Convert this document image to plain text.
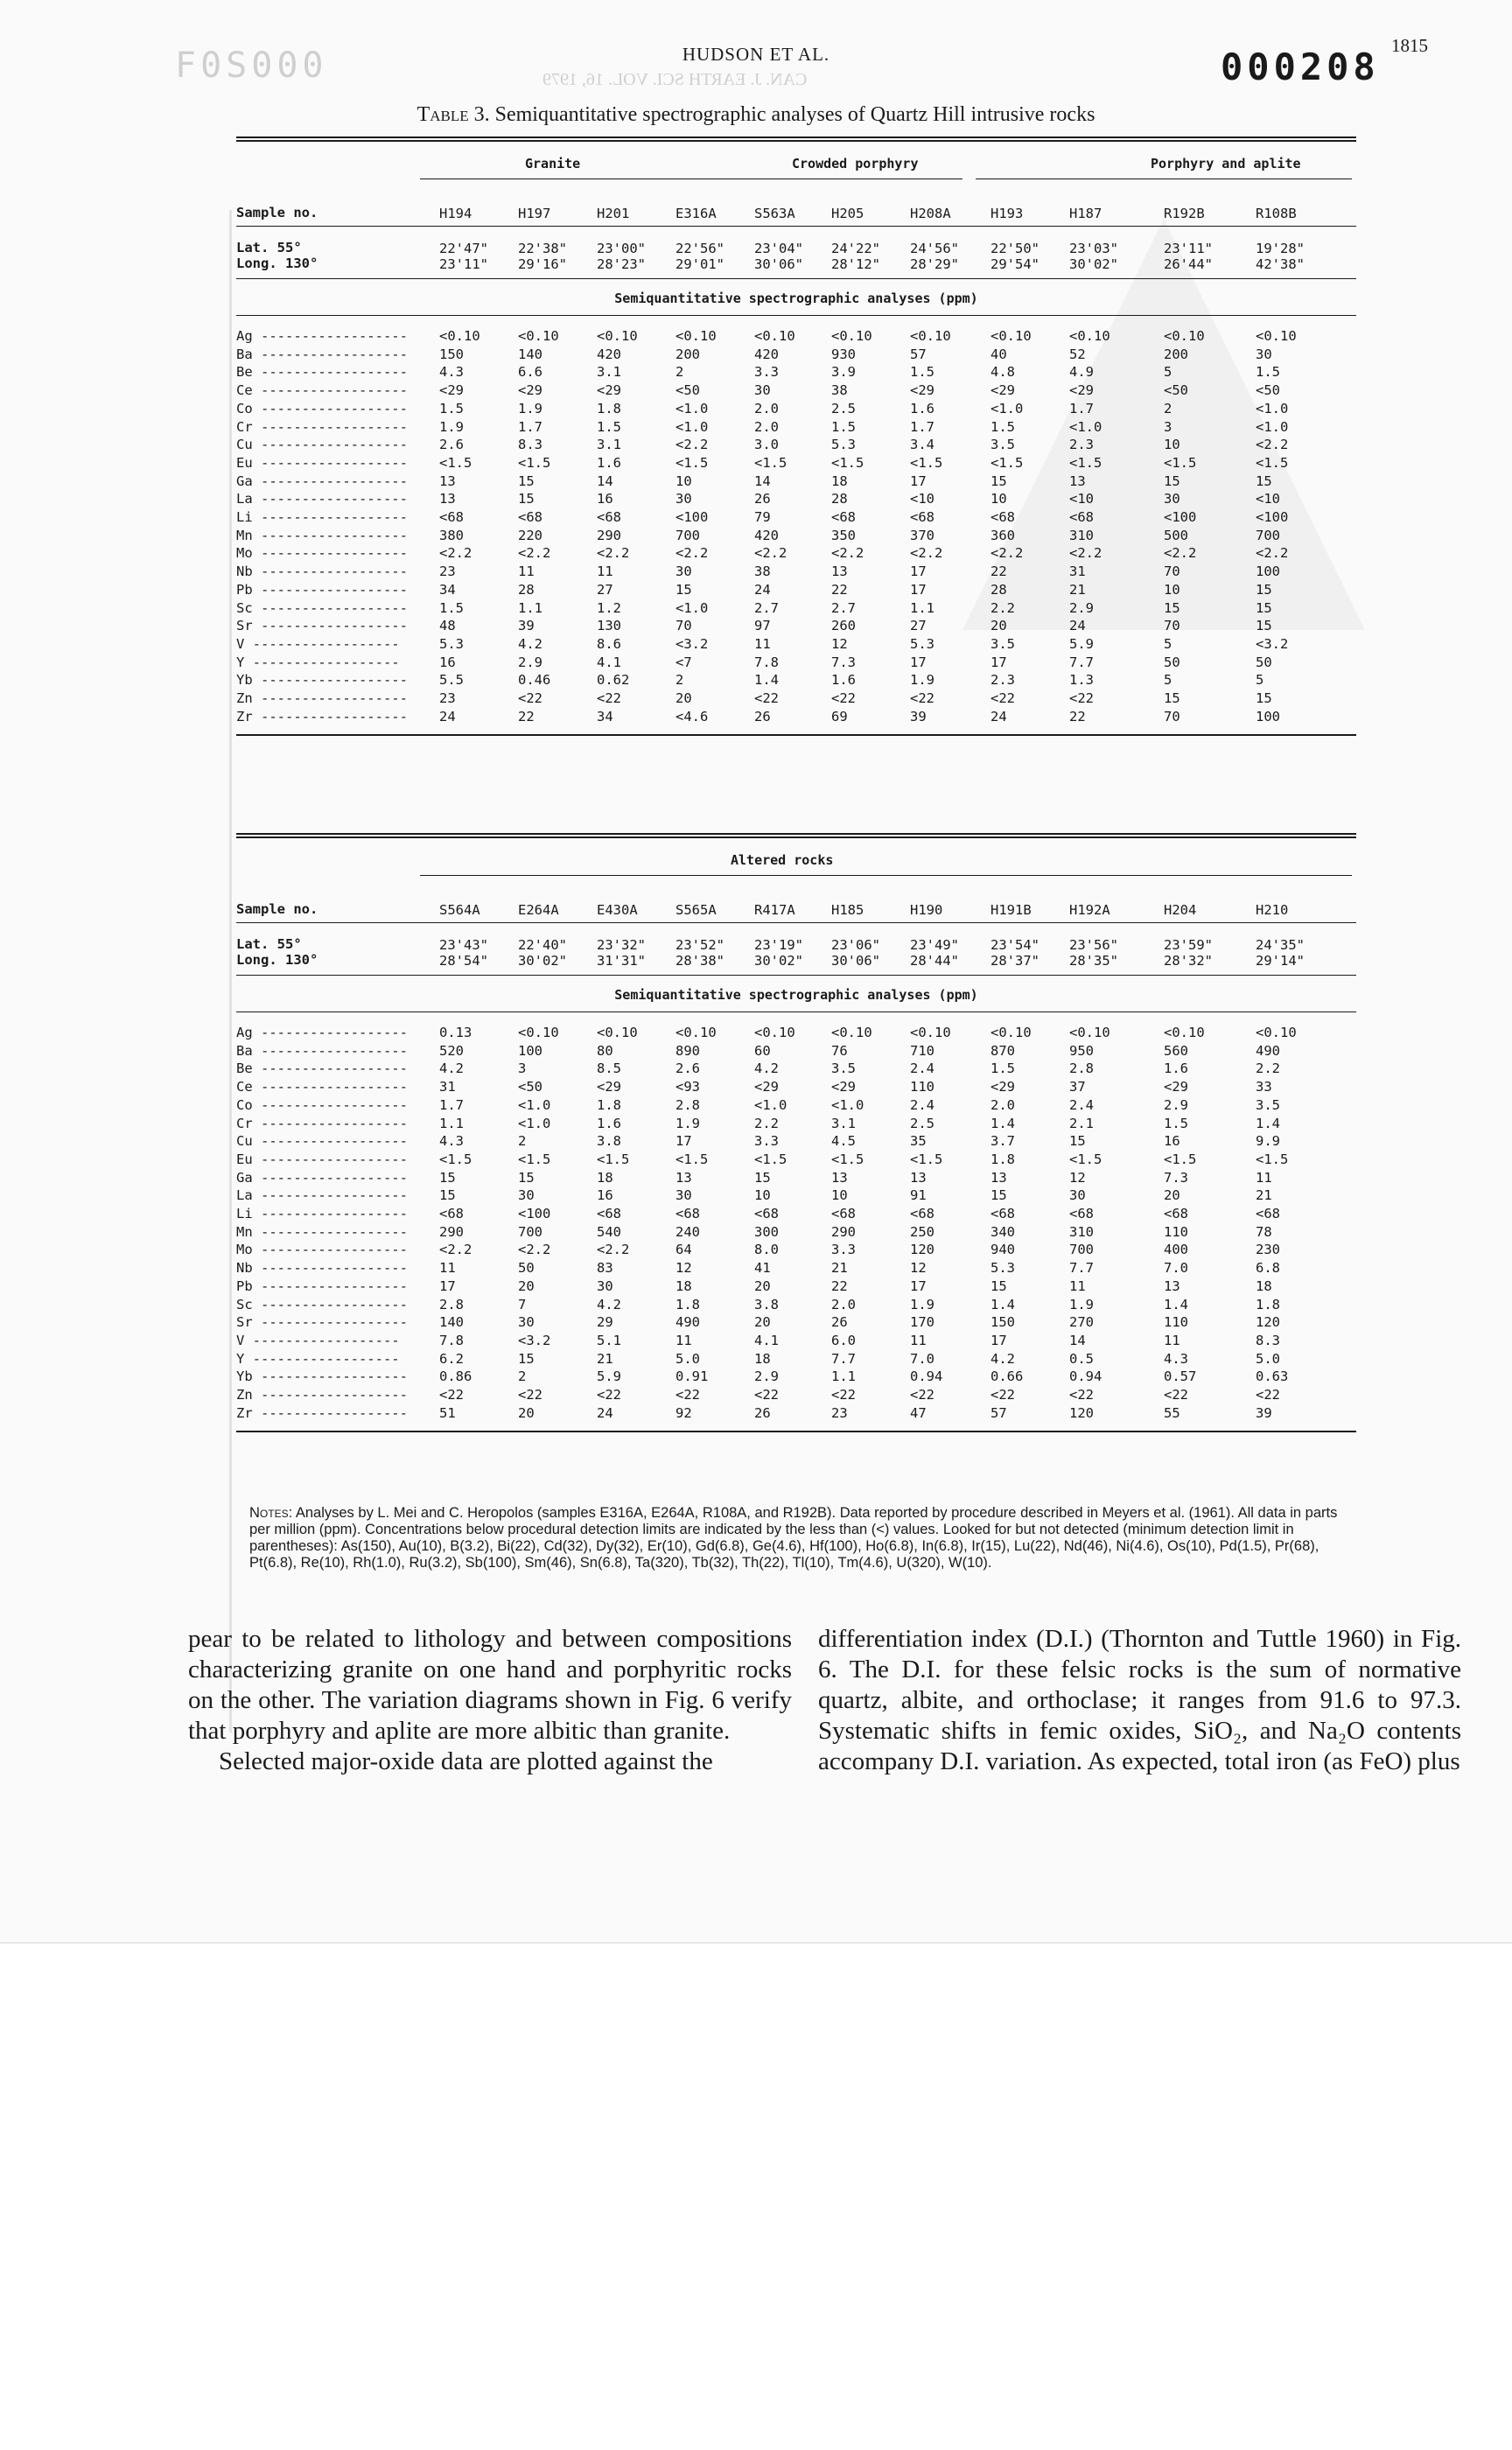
F0S000	CAN. J. EARTH SCI. VOL. 16, 1979
HUDSON ET AL.	000208 1815
Table 3. Semiquantitative spectrographic analyses of Quartz Hill intrusive rocks
Granite	Crowded porphyry	Porphyry and aplite
Sample no.	H194	H197	H201	E316A	S563A	H205	H208A	H193	H187	R192B	R108B
Lat. 55°	22'47" 22'38" 23'00" 22'56" 23'04" 24'22" 24'56" 22'50" 23'03"	23'11"	19'28"
Long. 130°	23'11" 29'16" 28'23" 29'01" 30'06" 28'12" 28'29" 29'54" 30'02"	26'44"	42'38"
Semiquantitative spectrographic analyses (ppm)
Ag ------------------ <0.10	<0.10	<0.10	<0.10	<0.10	<0.10	<0.10	<0.10	<0.10	<0.10	<0.10
Ba ------------------ 150	140	420	200	420	930	57	40	52	200	30
Be ------------------ 4.3	6.6	3.1	2	3.3	3.9	1.5	4.8	4.9	5	1.5
Ce ------------------ <29	<29	<29	<50	30	38	<29	<29	<29	<50	<50
Co ------------------ 1.5	1.9	1.8	<1.0	2.0	2.5	1.6	<1.0	1.7	2	<1.0
Cr ------------------ 1.9	1.7	1.5	<1.0	2.0	1.5	1.7	1.5	<1.0	3	<1.0
Cu ------------------ 2.6	8.3	3.1	<2.2	3.0	5.3	3.4	3.5	2.3	10	<2.2
Eu ------------------ <1.5	<1.5	1.6	<1.5	<1.5	<1.5	<1.5	<1.5	<1.5	<1.5	<1.5
Ga ------------------ 13	15	14	10	14	18	17	15	13	15	15
La ------------------ 13	15	16	30	26	28	<10	10	<10	30	<10
Li ------------------ <68	<68	<68	<100	79	<68	<68	<68	<68	<100	<100
Mn ------------------ 380	220	290	700	420	350	370	360	310	500	700
Mo ------------------ <2.2	<2.2	<2.2	<2.2	<2.2	<2.2	<2.2	<2.2	<2.2	<2.2	<2.2
Nb ------------------ 23	11	11	30	38	13	17	22	31	70	100
Pb ------------------ 34	28	27	15	24	22	17	28	21	10	15
Sc ------------------ 1.5	1.1	1.2	<1.0	2.7	2.7	1.1	2.2	2.9	15	15
Sr ------------------ 48	39	130	70	97	260	27	20	24	70	15
V ------------------	5.3	4.2	8.6	<3.2	11	12	5.3	3.5	5.9	5	<3.2
Y ------------------	16	2.9	4.1	<7	7.8	7.3	17	17	7.7	50	50
Yb ------------------ 5.5	0.46	0.62	2	1.4	1.6	1.9	2.3	1.3	5	5
Zn ------------------ 23	<22	<22	20	<22	<22	<22	<22	<22	15	15
Zr ------------------ 24	22	34	<4.6	26	69	39	24	22	70	100
Altered rocks
Sample no.	S564A	E264A	E430A	S565A	R417A	H185	H190	H191B	H192A	H204	H210
Lat. 55°	23'43" 22'40" 23'32" 23'52" 23'19" 23'06" 23'49" 23'54" 23'56"	23'59"	24'35"
Long. 130°	28'54" 30'02" 31'31" 28'38" 30'02" 30'06" 28'44" 28'37" 28'35"	28'32"	29'14"
Semiquantitative spectrographic analyses (ppm)
Ag ------------------ 0.13	<0.10	<0.10	<0.10	<0.10	<0.10	<0.10	<0.10	<0.10	<0.10	<0.10
Ba ------------------ 520	100	80	890	60	76	710	870	950	560	490
Be ------------------ 4.2	3	8.5	2.6	4.2	3.5	2.4	1.5	2.8	1.6	2.2
Ce ------------------ 31	<50	<29	<93	<29	<29	110	<29	37	<29	33
Co ------------------ 1.7	<1.0	1.8	2.8	<1.0	<1.0	2.4	2.0	2.4	2.9	3.5
Cr ------------------ 1.1	<1.0	1.6	1.9	2.2	3.1	2.5	1.4	2.1	1.5	1.4
Cu ------------------ 4.3	2	3.8	17	3.3	4.5	35	3.7	15	16	9.9
Eu ------------------ <1.5	<1.5	<1.5	<1.5	<1.5	<1.5	<1.5	1.8	<1.5	<1.5	<1.5
Ga ------------------ 15	15	18	13	15	13	13	13	12	7.3	11
La ------------------ 15	30	16	30	10	10	91	15	30	20	21
Li ------------------ <68	<100	<68	<68	<68	<68	<68	<68	<68	<68	<68
Mn ------------------ 290	700	540	240	300	290	250	340	310	110	78
Mo ------------------ <2.2	<2.2	<2.2	64	8.0	3.3	120	940	700	400	230
Nb ------------------ 11	50	83	12	41	21	12	5.3	7.7	7.0	6.8
Pb ------------------ 17	20	30	18	20	22	17	15	11	13	18
Sc ------------------ 2.8	7	4.2	1.8	3.8	2.0	1.9	1.4	1.9	1.4	1.8
Sr ------------------ 140	30	29	490	20	26	170	150	270	110	120
V ------------------	7.8	<3.2	5.1	11	4.1	6.0	11	17	14	11	8.3
Y ------------------	6.2	15	21	5.0	18	7.7	7.0	4.2	0.5	4.3	5.0
Yb ------------------ 0.86	2	5.9	0.91	2.9	1.1	0.94	0.66	0.94	0.57	0.63
Zn ------------------ <22	<22	<22	<22	<22	<22	<22	<22	<22	<22	<22
Zr ------------------ 51	20	24	92	26	23	47	57	120	55	39
Notes: Analyses by L. Mei and C. Heropolos (samples E316A, E264A, R108A, and R192B). Data reported by procedure described in Meyers et al. (1961). All data in parts per million (ppm). Concentrations below procedural detection limits are indicated by the less than (<) values. Looked for but not detected (minimum detection limit in parentheses): As(150), Au(10), B(3.2), Bi(22), Cd(32), Dy(32), Er(10), Gd(6.8), Ge(4.6), Hf(100), Ho(6.8), In(6.8), Ir(15), Lu(22), Nd(46), Ni(4.6), Os(10), Pd(1.5), Pr(68), Pt(6.8), Re(10), Rh(1.0), Ru(3.2), Sb(100), Sm(46), Sn(6.8), Ta(320), Tb(32), Th(22), Tl(10), Tm(4.6), U(320), W(10).

pear to be related to lithology and between compositions characterizing granite on one hand and porphyritic rocks on the other. The variation diagrams shown in Fig. 6 verify that porphyry and aplite are more albitic than granite.

Selected major-oxide data are plotted against the

differentiation index (D.I.) (Thornton and Tuttle 1960) in Fig. 6. The D.I. for these felsic rocks is the sum of normative quartz, albite, and orthoclase; it ranges from 91.6 to 97.3. Systematic shifts in femic oxides, SiO₂, and Na₂O contents accompany D.I. variation. As expected, total iron (as FeO) plus
